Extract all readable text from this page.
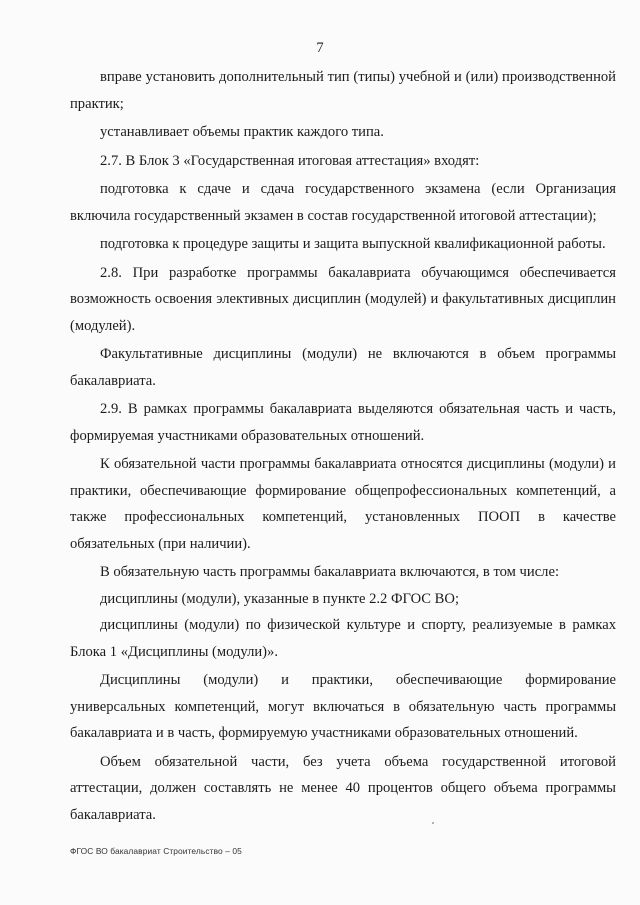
7

вправе установить дополнительный тип (типы) учебной и (или) производственной практик;

устанавливает объемы практик каждого типа.

2.7. В Блок 3 «Государственная итоговая аттестация» входят:

подготовка к сдаче и сдача государственного экзамена (если Организация включила государственный экзамен в состав государственной итоговой аттестации);

подготовка к процедуре защиты и защита выпускной квалификационной работы.

2.8. При разработке программы бакалавриата обучающимся обеспечивается возможность освоения элективных дисциплин (модулей) и факультативных дисциплин (модулей).

Факультативные дисциплины (модули) не включаются в объем программы бакалавриата.

2.9. В рамках программы бакалавриата выделяются обязательная часть и часть, формируемая участниками образовательных отношений.

К обязательной части программы бакалавриата относятся дисциплины (модули) и практики, обеспечивающие формирование общепрофессиональных компетенций, а также профессиональных компетенций, установленных ПООП в качестве обязательных (при наличии).

В обязательную часть программы бакалавриата включаются, в том числе:

дисциплины (модули), указанные в пункте 2.2 ФГОС ВО;

дисциплины (модули) по физической культуре и спорту, реализуемые в рамках Блока 1 «Дисциплины (модули)».

Дисциплины (модули) и практики, обеспечивающие формирование универсальных компетенций, могут включаться в обязательную часть программы бакалавриата и в часть, формируемую участниками образовательных отношений.

Объем обязательной части, без учета объема государственной итоговой аттестации, должен составлять не менее 40 процентов общего объема программы бакалавриата.

ФГОС ВО бакалавриат Строительство – 05
